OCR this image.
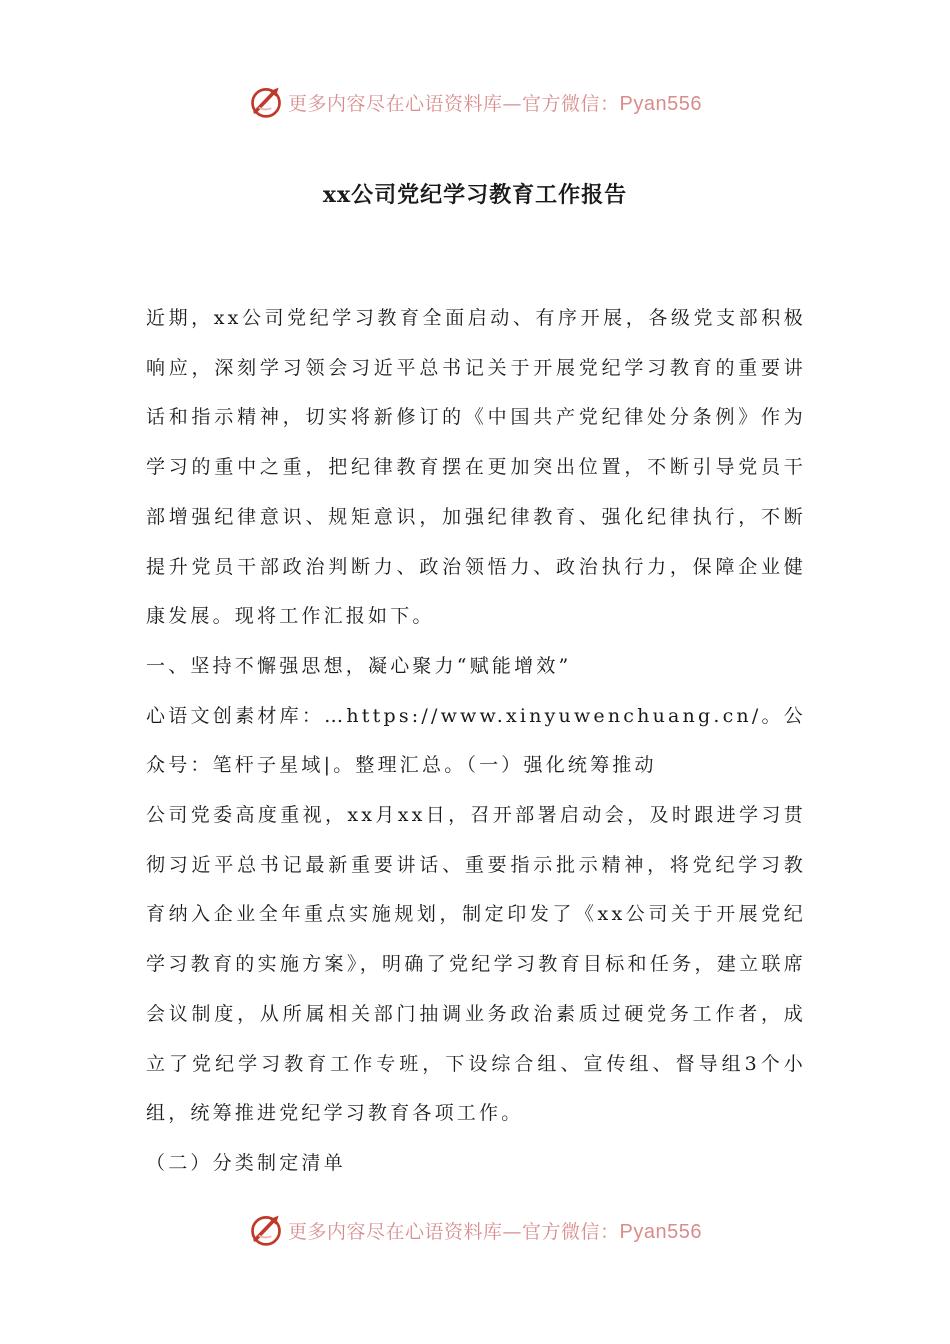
更多内容尽在心语资料库—官方微信：Pyan556
xx公司党纪学习教育工作报告

近期，xx公司党纪学习教育全面启动、有序开展，各级党支部积极响应，深刻学习领会习近平总书记关于开展党纪学习教育的重要讲话和指示精神，切实将新修订的《中国共产党纪律处分条例》作为学习的重中之重，把纪律教育摆在更加突出位置，不断引导党员干部增强纪律意识、规矩意识，加强纪律教育、强化纪律执行，不断提升党员干部政治判断力、政治领悟力、政治执行力，保障企业健康发展。现将工作汇报如下。

一、坚持不懈强思想，凝心聚力“赋能增效”

心语文创素材库：…https://www.xinyuwenchuang.cn/。公众号：笔杆子星域|。整理汇总。（一）强化统筹推动

公司党委高度重视，xx月xx日，召开部署启动会，及时跟进学习贯彻习近平总书记最新重要讲话、重要指示批示精神，将党纪学习教育纳入企业全年重点实施规划，制定印发了《xx公司关于开展党纪学习教育的实施方案》，明确了党纪学习教育目标和任务，建立联席会议制度，从所属相关部门抽调业务政治素质过硬党务工作者，成立了党纪学习教育工作专班，下设综合组、宣传组、督导组3个小组，统筹推进党纪学习教育各项工作。

（二）分类制定清单

更多内容尽在心语资料库—官方微信：Pyan556
